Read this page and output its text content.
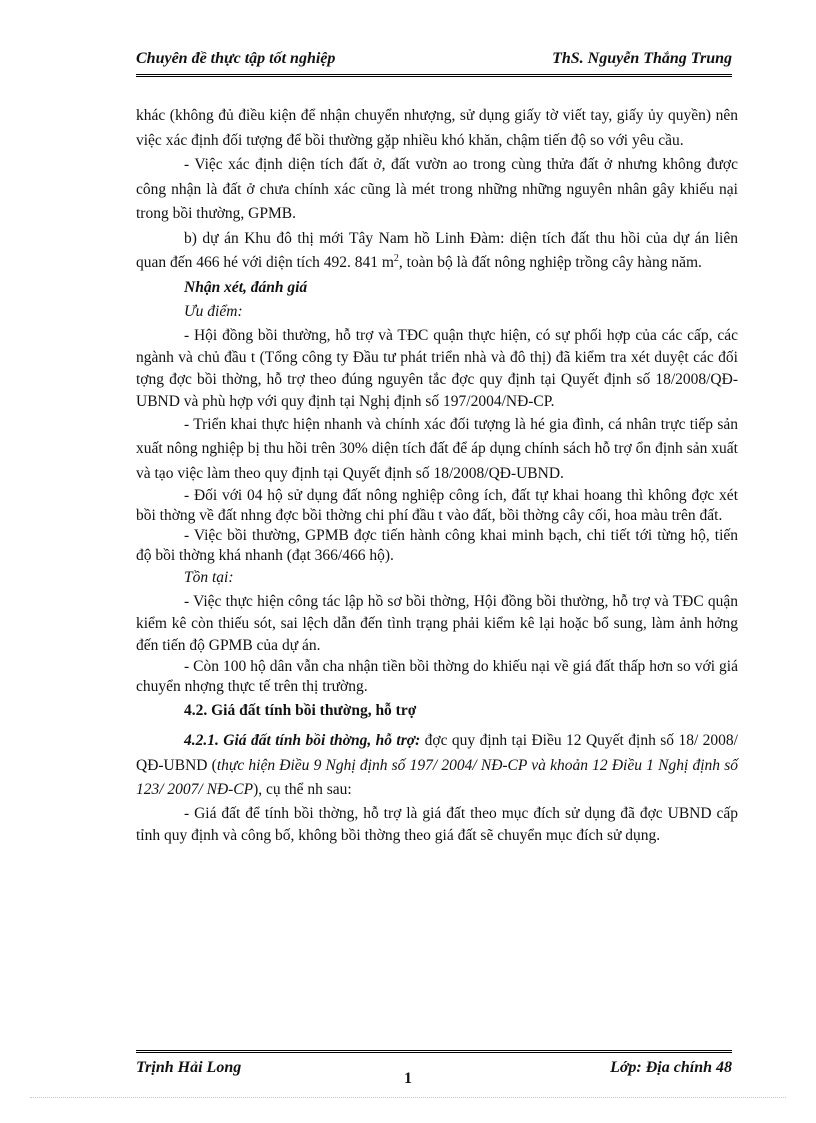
Chuyên đề thực tập tốt nghiệp	ThS. Nguyễn Thắng Trung

khác (không đủ điều kiện để nhận chuyển nhượng, sử dụng giấy tờ viết tay, giấy ủy quyền) nên việc xác định đối tượng để bồi thường gặp nhiều khó khăn, chậm tiến độ so với yêu cầu.

- Việc xác định diện tích đất ở, đất vườn ao trong cùng thửa đất ở nhưng không được công nhận là đất ở chưa chính xác cũng là mét trong những những nguyên nhân gây khiếu nại trong bồi thường, GPMB.

b) dự án Khu đô thị mới Tây Nam hồ Linh Đàm: diện tích đất thu hồi của dự án liên quan đến 466 hé với diện tích 492. 841 $m^2$, toàn bộ là đất nông nghiệp trồng cây hàng năm.

Nhận xét, đánh giá

Ưu điểm:

- Hội đồng bồi thường, hỗ trợ và TĐC quận thực hiện, có sự phối hợp của các cấp, các ngành và chủ đầu t (Tổng công ty Đầu tư phát triển nhà và đô thị) đã kiểm tra xét duyệt các đối tợng đợc bồi thờng, hỗ trợ theo đúng nguyên tắc đợc quy định tại Quyết định số 18/2008/QĐ-UBND và phù hợp với quy định tại Nghị định số 197/2004/NĐ-CP.

- Triển khai thực hiện nhanh và chính xác đối tượng là hé gia đình, cá nhân trực tiếp sản xuất nông nghiệp bị thu hồi trên 30% diện tích đất để áp dụng chính sách hỗ trợ ổn định sản xuất và tạo việc làm theo quy định tại Quyết định số 18/2008/QĐ-UBND.

- Đối với 04 hộ sử dụng đất nông nghiệp công ích, đất tự khai hoang thì không đợc xét bồi thờng về đất nhng đợc bồi thờng chi phí đầu t vào đất, bồi thờng cây cối, hoa màu trên đất.

- Việc bồi thường, GPMB đợc tiến hành công khai minh bạch, chi tiết tới từng hộ, tiến độ bồi thờng khá nhanh (đạt 366/466 hộ).

Tồn tại:

- Việc thực hiện công tác lập hồ sơ bồi thờng, Hội đồng bồi thường, hỗ trợ và TĐC quận kiểm kê còn thiếu sót, sai lệch dẫn đến tình trạng phải kiểm kê lại hoặc bổ sung, làm ảnh hởng đến tiến độ GPMB của dự án.

- Còn 100 hộ dân vẫn cha nhận tiền bồi thờng do khiếu nại về giá đất thấp hơn so với giá chuyển nhợng thực tế trên thị trường.

4.2. Giá đất tính bồi thường, hỗ trợ

4.2.1. Giá đất tính bồi thờng, hỗ trợ: đợc quy định tại Điều 12 Quyết định số 18/ 2008/ QĐ-UBND (thực hiện Điều 9 Nghị định số 197/ 2004/ NĐ-CP và khoản 12 Điều 1 Nghị định số 123/ 2007/ NĐ-CP), cụ thể nh sau:

- Giá đất để tính bồi thờng, hỗ trợ là giá đất theo mục đích sử dụng đã đợc UBND cấp tỉnh quy định và công bố, không bồi thờng theo giá đất sẽ chuyển mục đích sử dụng.

Trịnh Hải Long	Lớp: Địa chính 48
1
